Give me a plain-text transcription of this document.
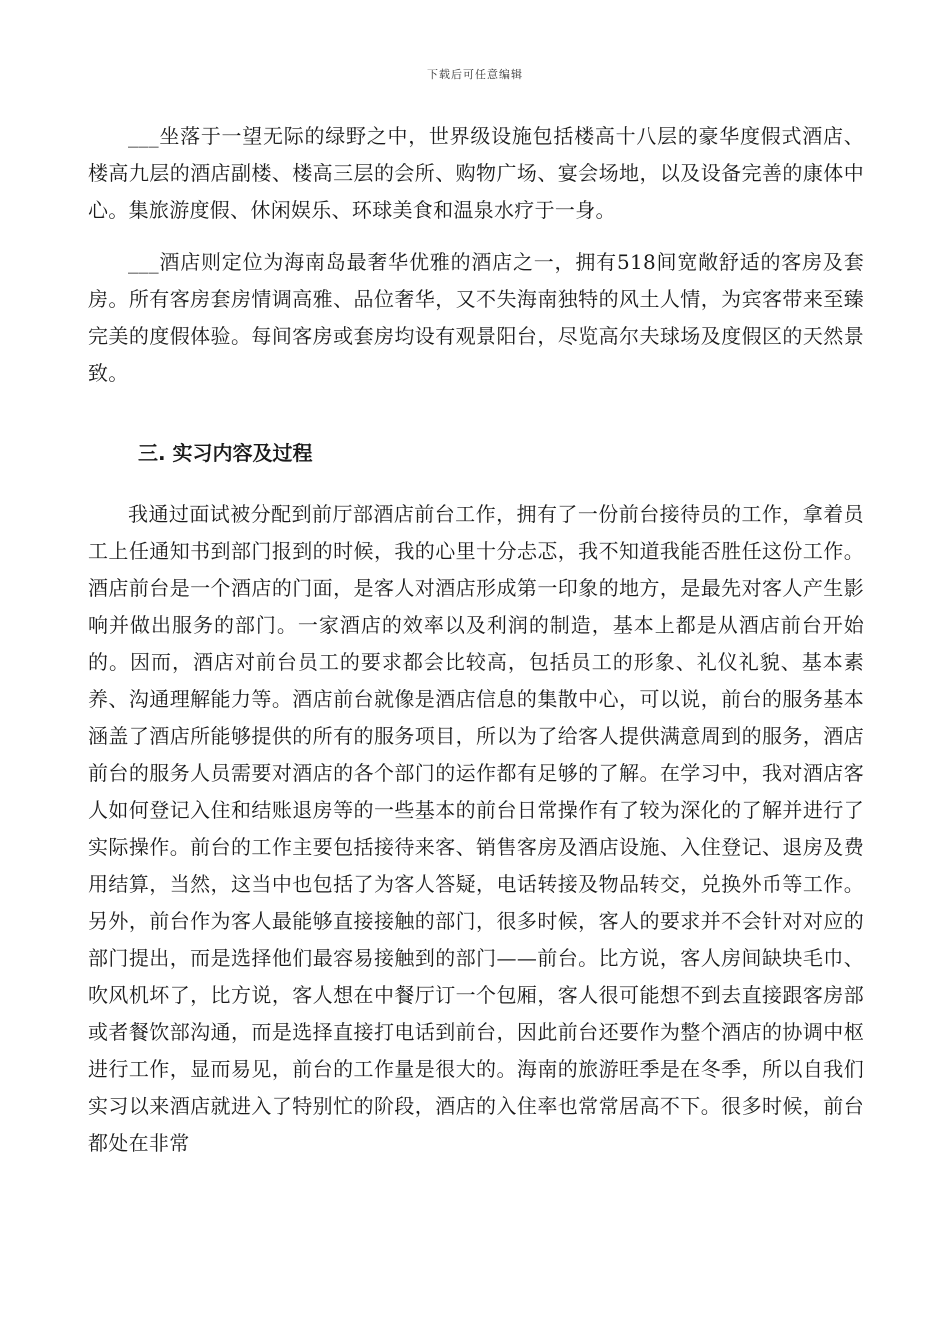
下载后可任意编辑

___坐落于一望无际的绿野之中，世界级设施包括楼高十八层的豪华度假式酒店、楼高九层的酒店副楼、楼高三层的会所、购物广场、宴会场地，以及设备完善的康体中心。集旅游度假、休闲娱乐、环球美食和温泉水疗于一身。

___酒店则定位为海南岛最奢华优雅的酒店之一，拥有518间宽敞舒适的客房及套房。所有客房套房情调高雅、品位奢华，又不失海南独特的风土人情，为宾客带来至臻完美的度假体验。每间客房或套房均设有观景阳台，尽览高尔夫球场及度假区的天然景致。

三. 实习内容及过程

我通过面试被分配到前厅部酒店前台工作，拥有了一份前台接待员的工作，拿着员工上任通知书到部门报到的时候，我的心里十分忐忑，我不知道我能否胜任这份工作。酒店前台是一个酒店的门面，是客人对酒店形成第一印象的地方，是最先对客人产生影响并做出服务的部门。一家酒店的效率以及利润的制造，基本上都是从酒店前台开始的。因而，酒店对前台员工的要求都会比较高，包括员工的形象、礼仪礼貌、基本素养、沟通理解能力等。酒店前台就像是酒店信息的集散中心，可以说，前台的服务基本涵盖了酒店所能够提供的所有的服务项目，所以为了给客人提供满意周到的服务，酒店前台的服务人员需要对酒店的各个部门的运作都有足够的了解。在学习中，我对酒店客人如何登记入住和结账退房等的一些基本的前台日常操作有了较为深化的了解并进行了实际操作。前台的工作主要包括接待来客、销售客房及酒店设施、入住登记、退房及费用结算，当然，这当中也包括了为客人答疑，电话转接及物品转交，兑换外币等工作。另外，前台作为客人最能够直接接触的部门，很多时候，客人的要求并不会针对对应的部门提出，而是选择他们最容易接触到的部门——前台。比方说，客人房间缺块毛巾、吹风机坏了，比方说，客人想在中餐厅订一个包厢，客人很可能想不到去直接跟客房部或者餐饮部沟通，而是选择直接打电话到前台，因此前台还要作为整个酒店的协调中枢进行工作，显而易见，前台的工作量是很大的。海南的旅游旺季是在冬季，所以自我们实习以来酒店就进入了特别忙的阶段，酒店的入住率也常常居高不下。很多时候，前台都处在非常
